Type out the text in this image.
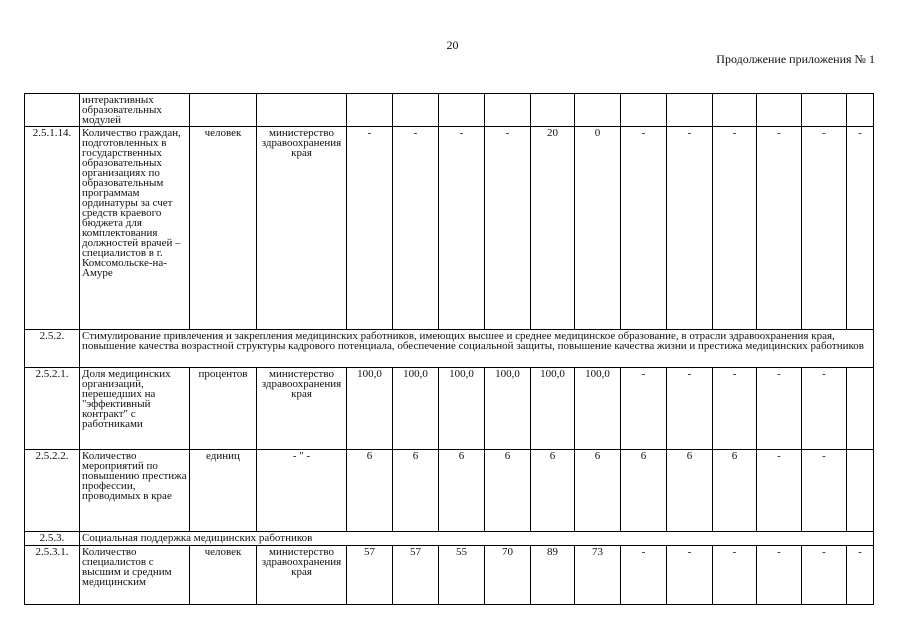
20
Продолжение приложения № 1
	интерактивных образовательных модулей														
2.5.1.14.	Количество граждан, подготовленных в государственных образовательных организациях по образовательным программам ординатуры за счет средств краевого бюджета для комплектования должностей врачей – специалистов в г. Комсомольске-на-Амуре	человек	министерство здравоохранения края	-	-	-	-	20	0	-	-	-	-	-	-
2.5.2.	Стимулирование привлечения и закрепления медицинских работников, имеющих высшее и среднее медицинское образование, в отрасли здравоохранения края, повышение качества возрастной структуры кадрового потенциала, обеспечение социальной защиты, повышение качества жизни и престижа медицинских работников														
2.5.2.1.	Доля медицинских организаций, перешедших на "эффективный контракт" с работниками	процентов	министерство здравоохранения края	100,0	100,0	100,0	100,0	100,0	100,0	-	-	-	-	-	
2.5.2.2.	Количество мероприятий по повышению престижа профессии, проводимых в крае	единиц	- " -	6	6	6	6	6	6	6	6	6	-	-	
2.5.3.	Социальная поддержка медицинских работников														
2.5.3.1.	Количество специалистов с высшим и средним медицинским	человек	министерство здравоохранения края	57	57	55	70	89	73	-	-	-	-	-	-
